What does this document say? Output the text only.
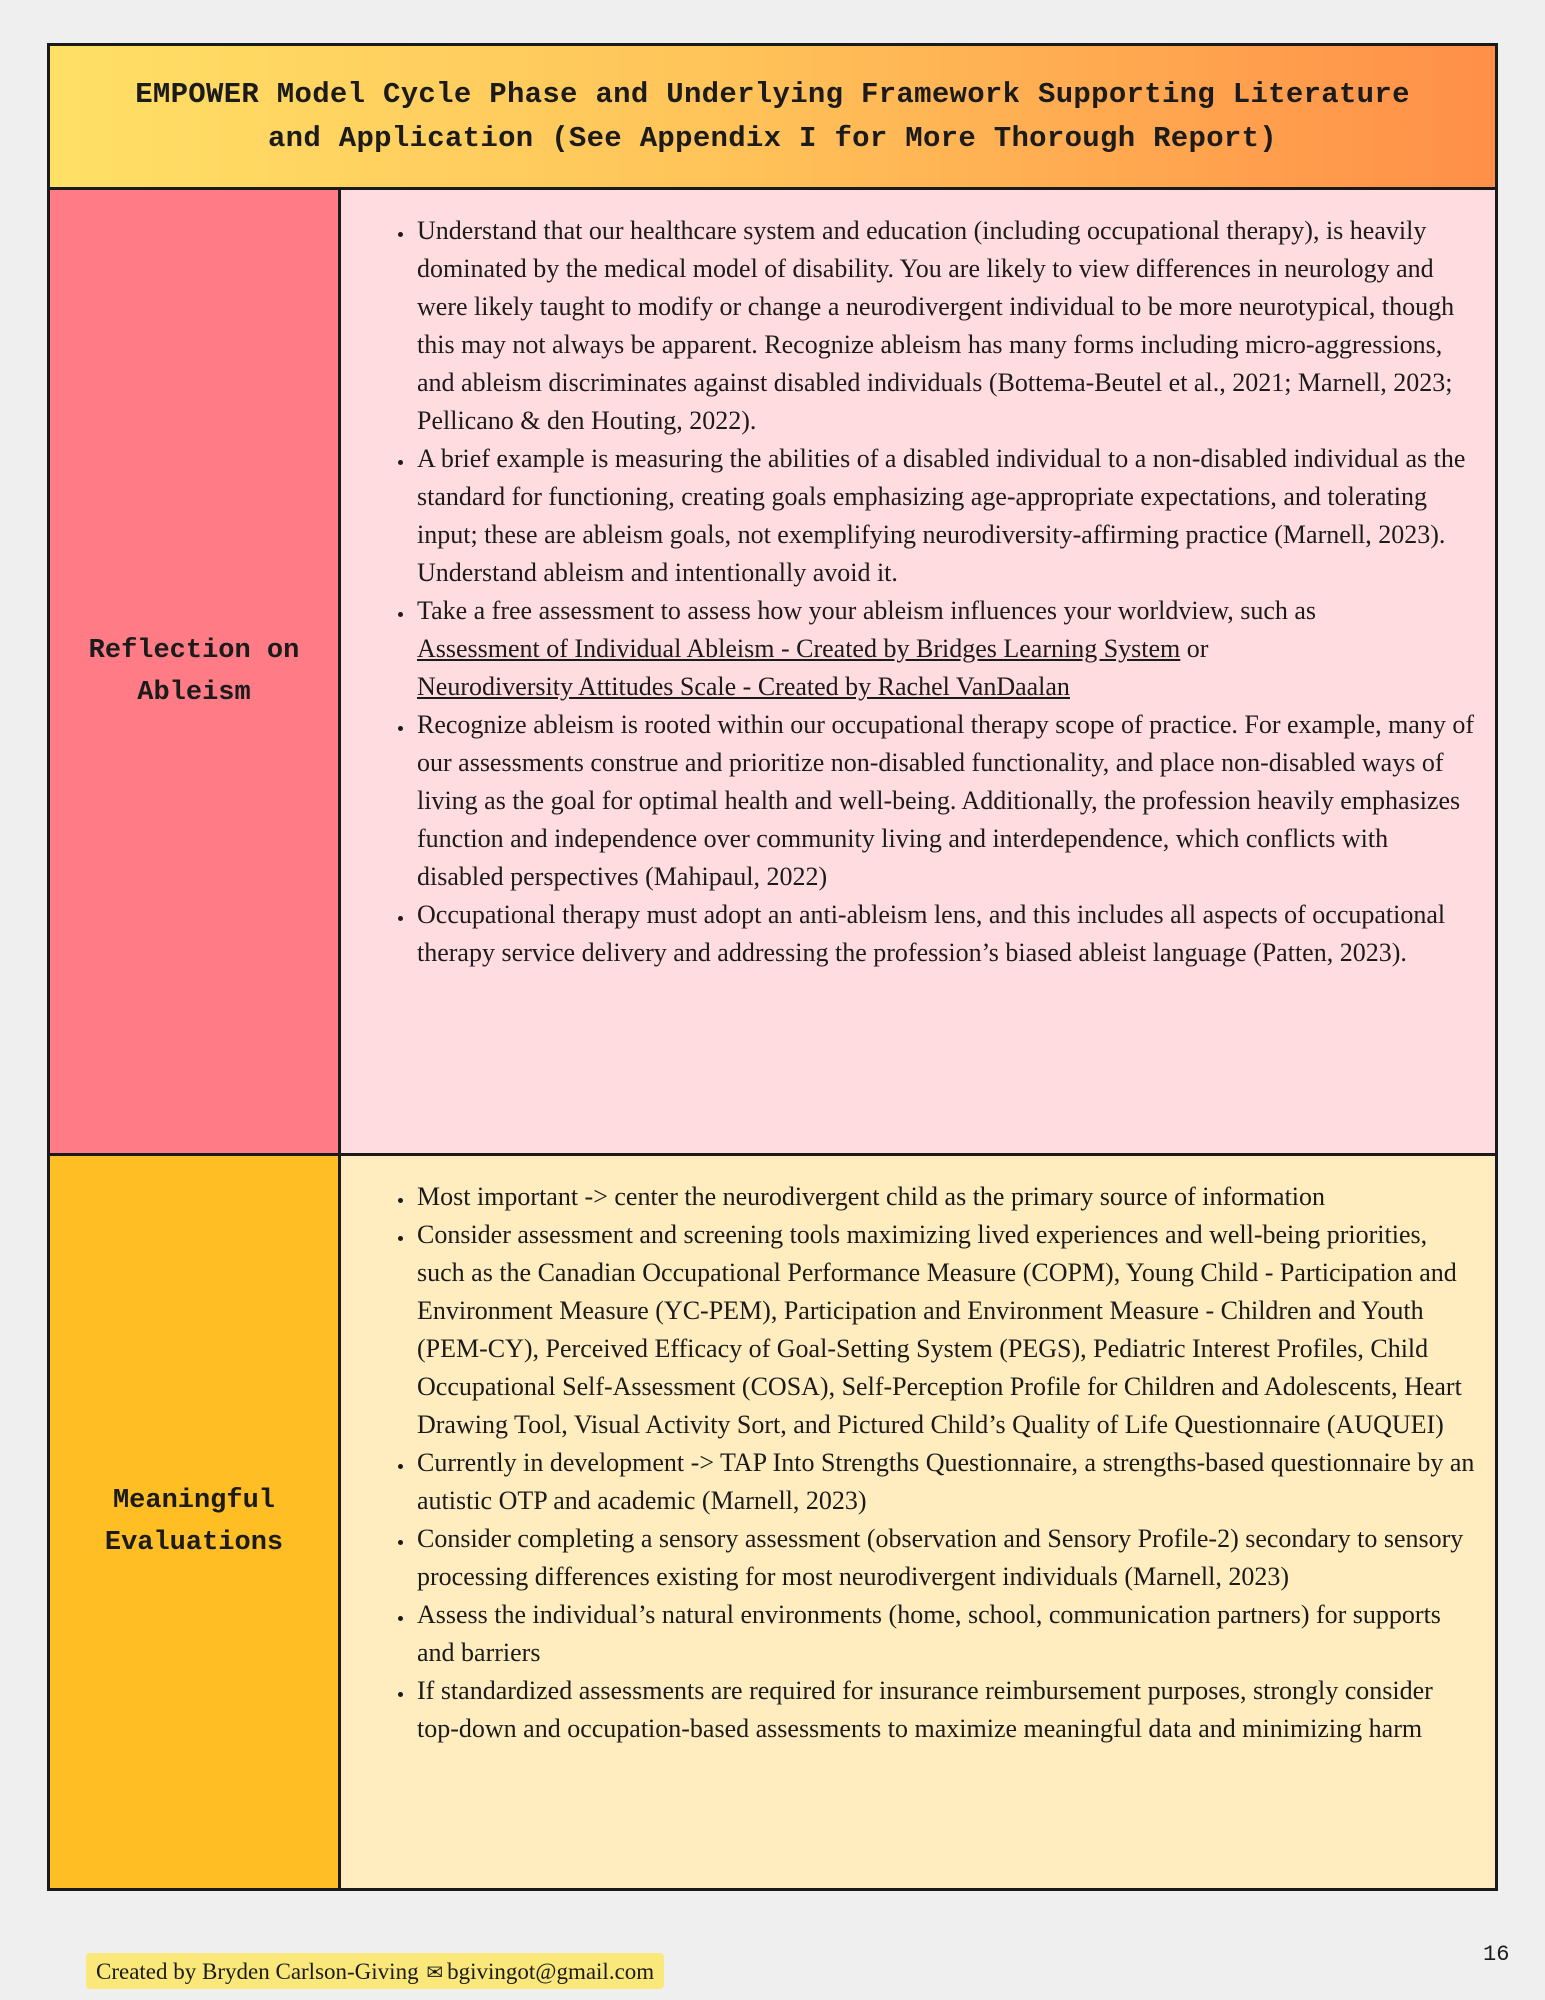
EMPOWER Model Cycle Phase and Underlying Framework Supporting Literature
and Application (See Appendix I for More Thorough Report)
Reflection on
Ableism
• Understand that our healthcare system and education (including occupational therapy), is heavily dominated by the medical model of disability. You are likely to view differences in neurology and were likely taught to modify or change a neurodivergent individual to be more neurotypical, though this may not always be apparent. Recognize ableism has many forms including micro-aggressions, and ableism discriminates against disabled individuals (Bottema-Beutel et al., 2021; Marnell, 2023; Pellicano & den Houting, 2022).
• A brief example is measuring the abilities of a disabled individual to a non-disabled individual as the standard for functioning, creating goals emphasizing age-appropriate expectations, and tolerating input; these are ableism goals, not exemplifying neurodiversity-affirming practice (Marnell, 2023). Understand ableism and intentionally avoid it.
• Take a free assessment to assess how your ableism influences your worldview, such as
Assessment of Individual Ableism - Created by Bridges Learning System or
Neurodiversity Attitudes Scale - Created by Rachel VanDaalan
• Recognize ableism is rooted within our occupational therapy scope of practice. For example, many of our assessments construe and prioritize non-disabled functionality, and place non-disabled ways of living as the goal for optimal health and well-being. Additionally, the profession heavily emphasizes function and independence over community living and interdependence, which conflicts with disabled perspectives (Mahipaul, 2022)
• Occupational therapy must adopt an anti-ableism lens, and this includes all aspects of occupational therapy service delivery and addressing the profession’s biased ableist language (Patten, 2023).
Meaningful
Evaluations
• Most important -> center the neurodivergent child as the primary source of information
• Consider assessment and screening tools maximizing lived experiences and well-being priorities, such as the Canadian Occupational Performance Measure (COPM), Young Child - Participation and Environment Measure (YC-PEM), Participation and Environment Measure - Children and Youth (PEM-CY), Perceived Efficacy of Goal-Setting System (PEGS), Pediatric Interest Profiles, Child Occupational Self-Assessment (COSA), Self-Perception Profile for Children and Adolescents, Heart Drawing Tool, Visual Activity Sort, and Pictured Child’s Quality of Life Questionnaire (AUQUEI)
• Currently in development -> TAP Into Strengths Questionnaire, a strengths-based questionnaire by an autistic OTP and academic (Marnell, 2023)
• Consider completing a sensory assessment (observation and Sensory Profile-2) secondary to sensory processing differences existing for most neurodivergent individuals (Marnell, 2023)
• Assess the individual’s natural environments (home, school, communication partners) for supports and barriers
• If standardized assessments are required for insurance reimbursement purposes, strongly consider top-down and occupation-based assessments to maximize meaningful data and minimizing harm
Created by Bryden Carlson-Giving ✉ bgivingot@gmail.com
16
